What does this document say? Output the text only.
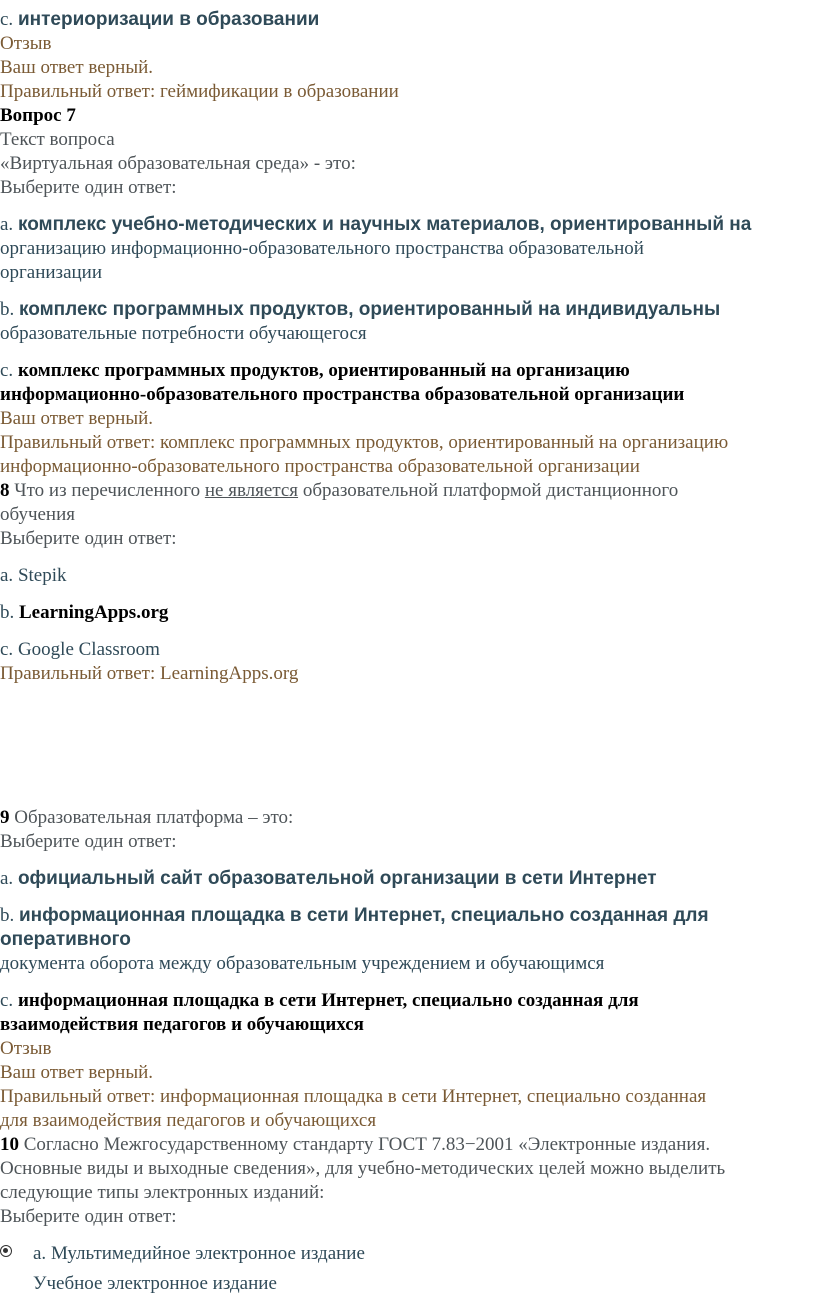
c. интериоризации в образовании
Отзыв
Ваш ответ верный.
Правильный ответ: геймификации в образовании
Вопрос 7
Текст вопроса
«Виртуальная образовательная среда» - это:
Выберите один ответ:
a. комплекс учебно-методических и научных материалов, ориентированный на
организацию информационно-образовательного пространства образовательной
организации
b. комплекс программных продуктов, ориентированный на индивидуальны
образовательные потребности обучающегося
c. комплекс программных продуктов, ориентированный на организацию
информационно-образовательного пространства образовательной организации
Ваш ответ верный.
Правильный ответ: комплекс программных продуктов, ориентированный на организацию
информационно-образовательного пространства образовательной организации
8 Что из перечисленного не является образовательной платформой дистанционного
обучения
Выберите один ответ:
a. Stepik
b. LearningApps.org
c. Google Classroom
Правильный ответ: LearningApps.org
9 Образовательная платформа – это:
Выберите один ответ:
a. официальный сайт образовательной организации в сети Интернет
b. информационная площадка в сети Интернет, специально созданная для оперативного
документа оборота между образовательным учреждением и обучающимся
c. информационная площадка в сети Интернет, специально созданная для
взаимодействия педагогов и обучающихся
Отзыв
Ваш ответ верный.
Правильный ответ: информационная площадка в сети Интернет, специально созданная
для взаимодействия педагогов и обучающихся
10 Согласно Межгосударственному стандарту ГОСТ 7.83−2001 «Электронные издания.
Основные виды и выходные сведения», для учебно-методических целей можно выделить
следующие типы электронных изданий:
Выберите один ответ:
a. Мультимедийное электронное издание
Учебное электронное издание
